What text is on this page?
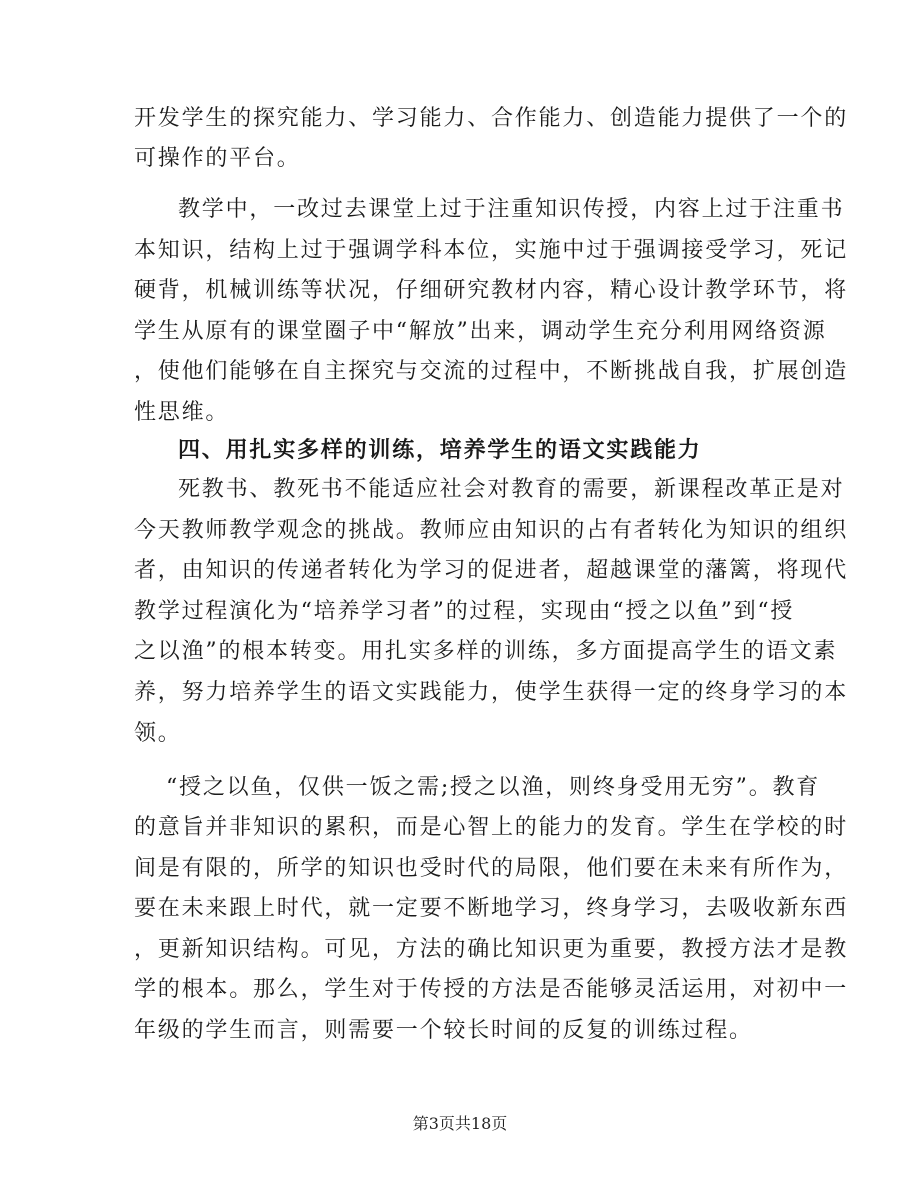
开发学生的探究能力、学习能力、合作能力、创造能力提供了一个的
可操作的平台。
教学中，一改过去课堂上过于注重知识传授，内容上过于注重书
本知识，结构上过于强调学科本位，实施中过于强调接受学习，死记
硬背，机械训练等状况，仔细研究教材内容，精心设计教学环节，将
学生从原有的课堂圈子中“解放”出来，调动学生充分利用网络资源
，使他们能够在自主探究与交流的过程中，不断挑战自我，扩展创造
性思维。
四、用扎实多样的训练，培养学生的语文实践能力
死教书、教死书不能适应社会对教育的需要，新课程改革正是对
今天教师教学观念的挑战。教师应由知识的占有者转化为知识的组织
者，由知识的传递者转化为学习的促进者，超越课堂的藩篱，将现代
教学过程演化为“培养学习者”的过程，实现由“授之以鱼”到“授
之以渔”的根本转变。用扎实多样的训练，多方面提高学生的语文素
养，努力培养学生的语文实践能力，使学生获得一定的终身学习的本
领。
“授之以鱼，仅供一饭之需;授之以渔，则终身受用无穷”。教育
的意旨并非知识的累积，而是心智上的能力的发育。学生在学校的时
间是有限的，所学的知识也受时代的局限，他们要在未来有所作为，
要在未来跟上时代，就一定要不断地学习，终身学习，去吸收新东西
，更新知识结构。可见，方法的确比知识更为重要，教授方法才是教
学的根本。那么，学生对于传授的方法是否能够灵活运用，对初中一
年级的学生而言，则需要一个较长时间的反复的训练过程。
第3页共18页
